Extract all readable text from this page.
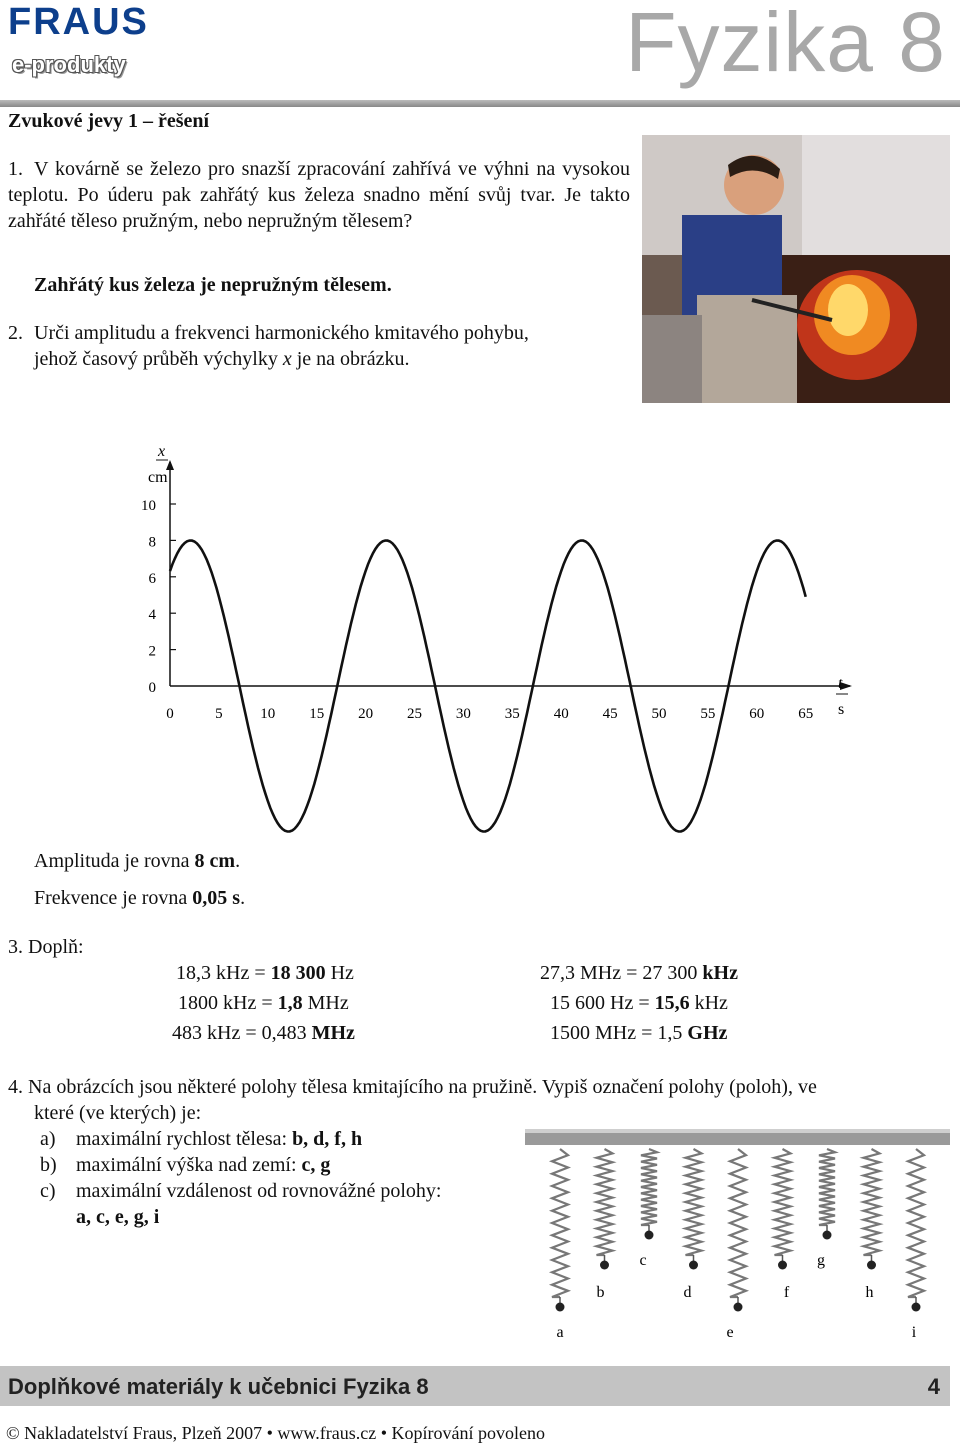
FRAUS
e-produkty	Fyzika 8
Zvukové jevy 1 – řešení
1. V kovárně se železo pro snazší zpracování zahřívá ve výhni na vysokou teplotu. Po úderu pak zahřátý kus železa snadno mění svůj tvar. Je takto zahřáté těleso pružným, nebo nepružným tělesem?
Zahřátý kus železa je nepružným tělesem.
2. Urči amplitudu a frekvenci harmonického kmitavého pohybu,
jehož časový průběh výchylky x je na obrázku.
x
cm
t
s
0
2
4
6
8
10
0	5	10 15 20 25 30 35 40 45 50 55 60 65
Amplituda je rovna 8 cm.
Frekvence je rovna 0,05 s.
3. Doplň:
18,3 kHz = 18 300 Hz
1800 kHz = 1,8 MHz
483 kHz = 0,483 MHz
27,3 MHz = 27 300 kHz
15 600 Hz = 15,6 kHz
1500 MHz = 1,5 GHz
4. Na obrázcích jsou některé polohy tělesa kmitajícího na pružině. Vypiš označení polohy (poloh), ve
které (ve kterých) je:
a) maximální rychlost tělesa: b, d, f, h
b) maximální výška nad zemí: c, g
c) maximální vzdálenost od rovnovážné polohy:
a, c, e, g, i
a
b
c
d
e
f
g
h
i
Doplňkové materiály k učebnici Fyzika 8	4
© Nakladatelství Fraus, Plzeň 2007 • www.fraus.cz • Kopírování povoleno
